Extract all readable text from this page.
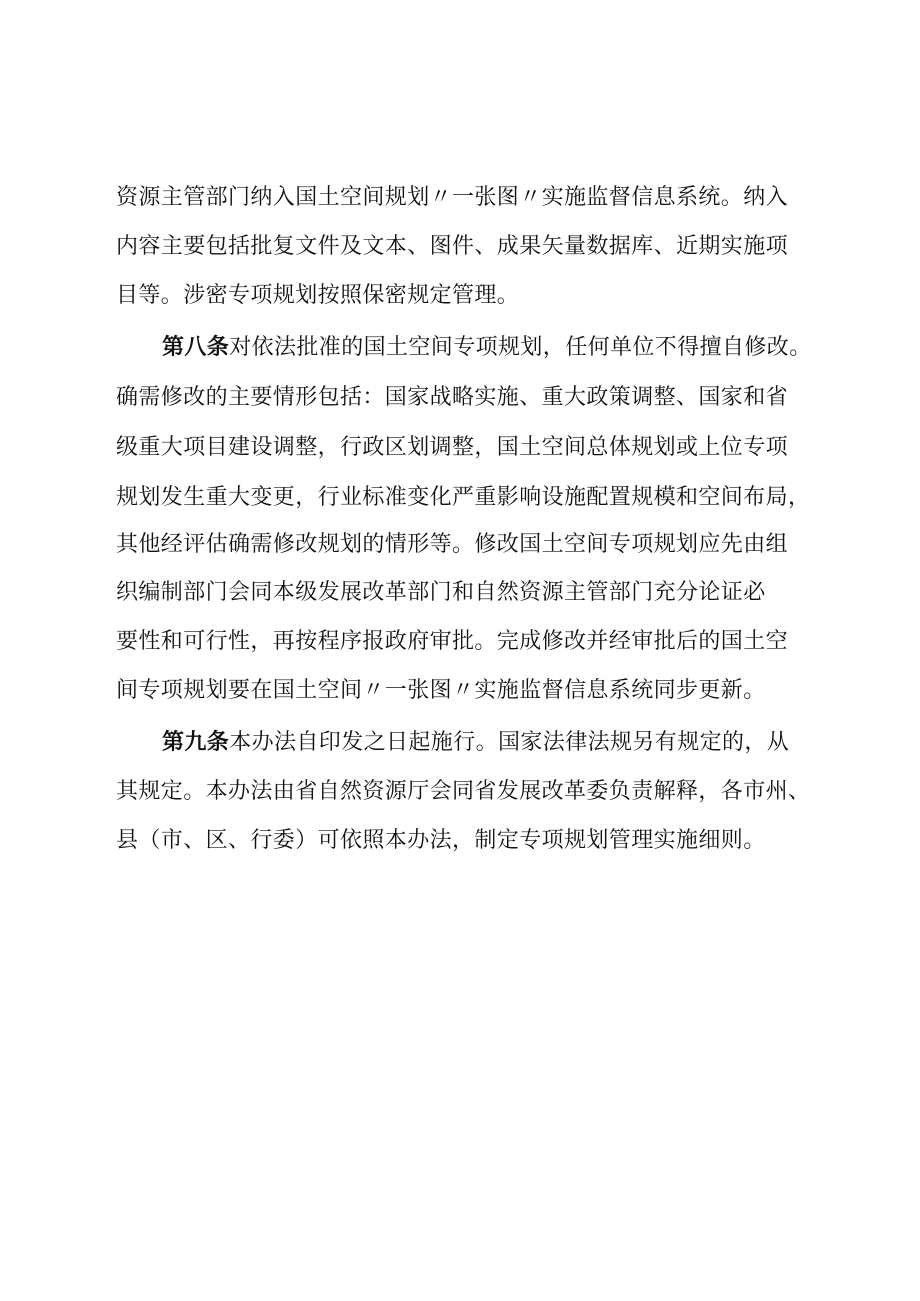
资源主管部门纳入国土空间规划〃一张图〃实施监督信息系统。纳入
内容主要包括批复文件及文本、图件、成果矢量数据库、近期实施项
目等。涉密专项规划按照保密规定管理。
第八条对依法批准的国土空间专项规划，任何单位不得擅自修改。
确需修改的主要情形包括：国家战略实施、重大政策调整、国家和省
级重大项目建设调整，行政区划调整，国土空间总体规划或上位专项
规划发生重大变更，行业标准变化严重影响设施配置规模和空间布局，
其他经评估确需修改规划的情形等。修改国土空间专项规划应先由组
织编制部门会同本级发展改革部门和自然资源主管部门充分论证必
要性和可行性，再按程序报政府审批。完成修改并经审批后的国土空
间专项规划要在国土空间〃一张图〃实施监督信息系统同步更新。
第九条本办法自印发之日起施行。国家法律法规另有规定的，从
其规定。本办法由省自然资源厅会同省发展改革委负责解释，各市州、
县（市、区、行委）可依照本办法，制定专项规划管理实施细则。
